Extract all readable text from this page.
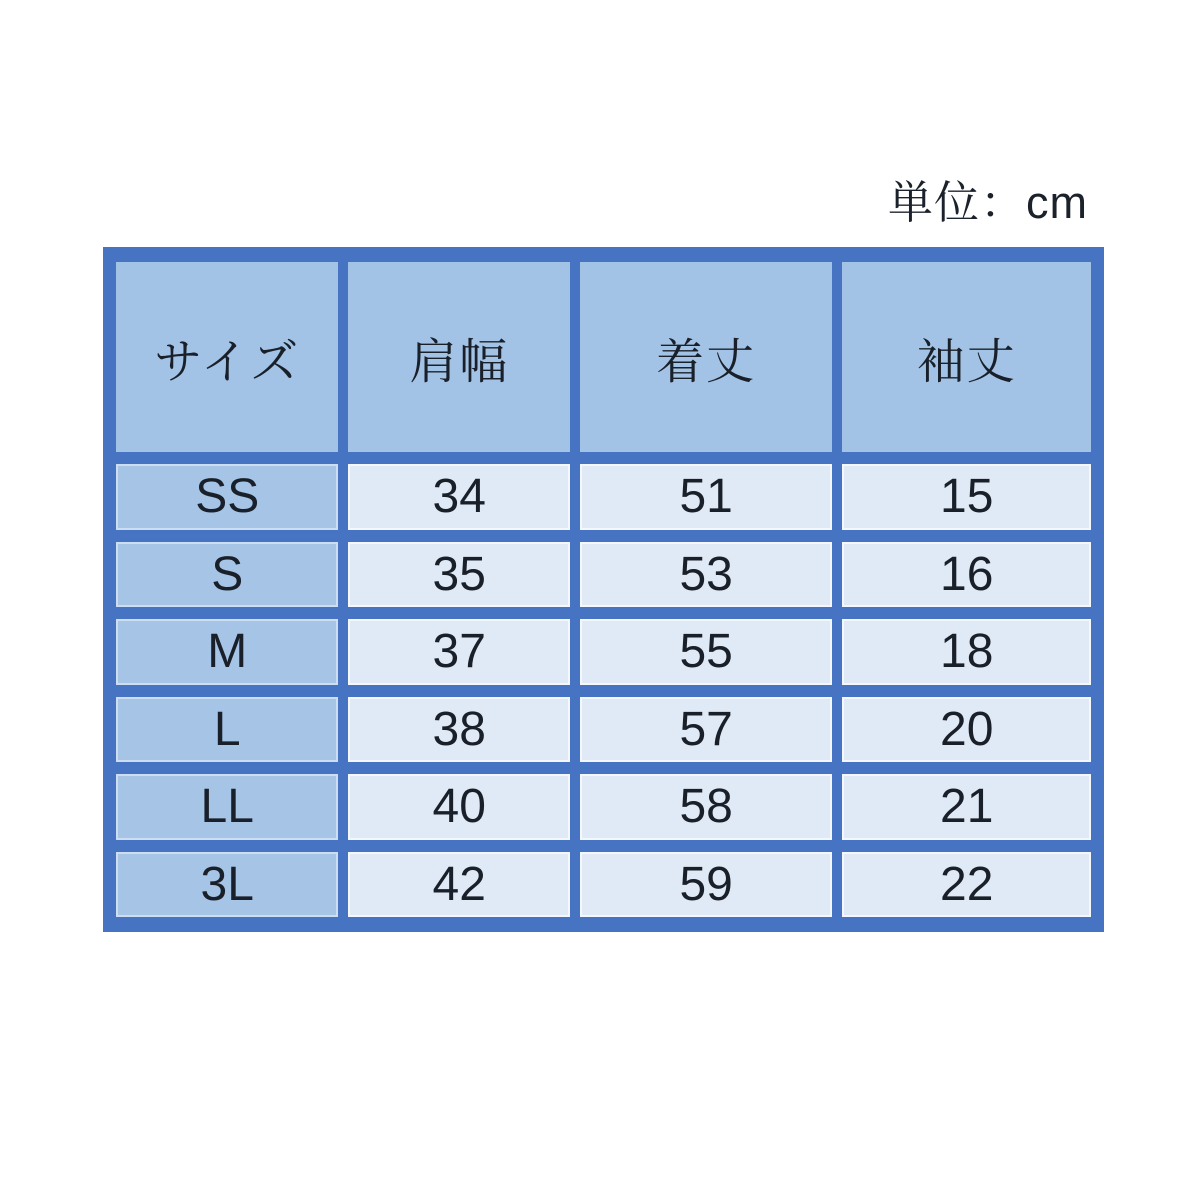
単位：cm
サイズ	肩幅	着丈	袖丈
SS	34	51	15
S	35	53	16
M	37	55	18
L	38	57	20
LL	40	58	21
3L	42	59	22
